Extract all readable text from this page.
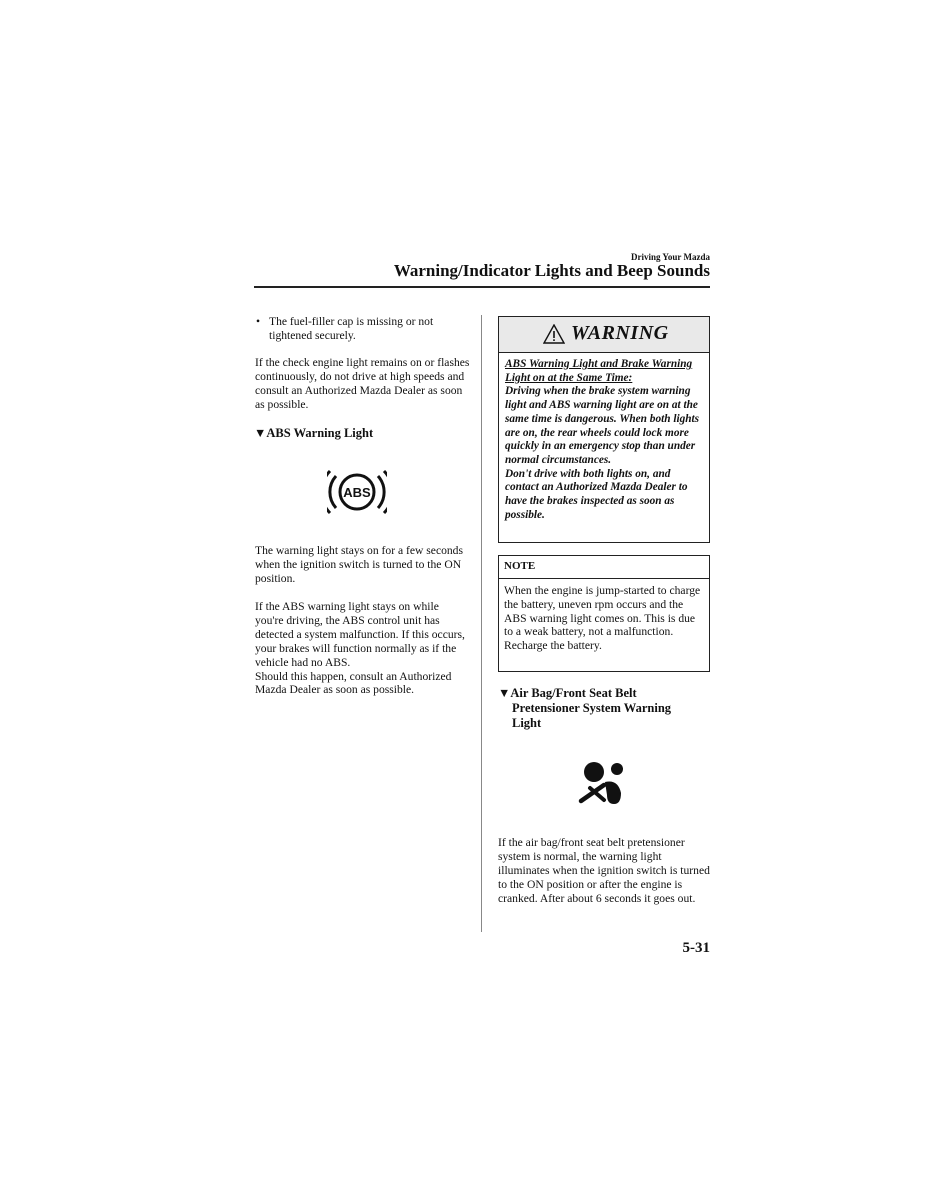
Driving Your Mazda
Warning/Indicator Lights and Beep Sounds
• The fuel-filler cap is missing or not tightened securely.
If the check engine light remains on or flashes continuously, do not drive at high speeds and consult an Authorized Mazda Dealer as soon as possible.
▼ABS Warning Light
ABS
The warning light stays on for a few seconds when the ignition switch is turned to the ON position.
If the ABS warning light stays on while you're driving, the ABS control unit has detected a system malfunction. If this occurs, your brakes will function normally as if the vehicle had no ABS.
Should this happen, consult an Authorized Mazda Dealer as soon as possible.
WARNING
ABS Warning Light and Brake Warning Light on at the Same Time:
Driving when the brake system warning light and ABS warning light are on at the same time is dangerous. When both lights are on, the rear wheels could lock more quickly in an emergency stop than under normal circumstances.
Don't drive with both lights on, and contact an Authorized Mazda Dealer to have the brakes inspected as soon as possible.
NOTE
When the engine is jump-started to charge the battery, uneven rpm occurs and the ABS warning light comes on. This is due to a weak battery, not a malfunction.
Recharge the battery.
▼Air Bag/Front Seat Belt
Pretensioner System Warning
Light
If the air bag/front seat belt pretensioner system is normal, the warning light illuminates when the ignition switch is turned to the ON position or after the engine is cranked. After about 6 seconds it goes out.
5-31
